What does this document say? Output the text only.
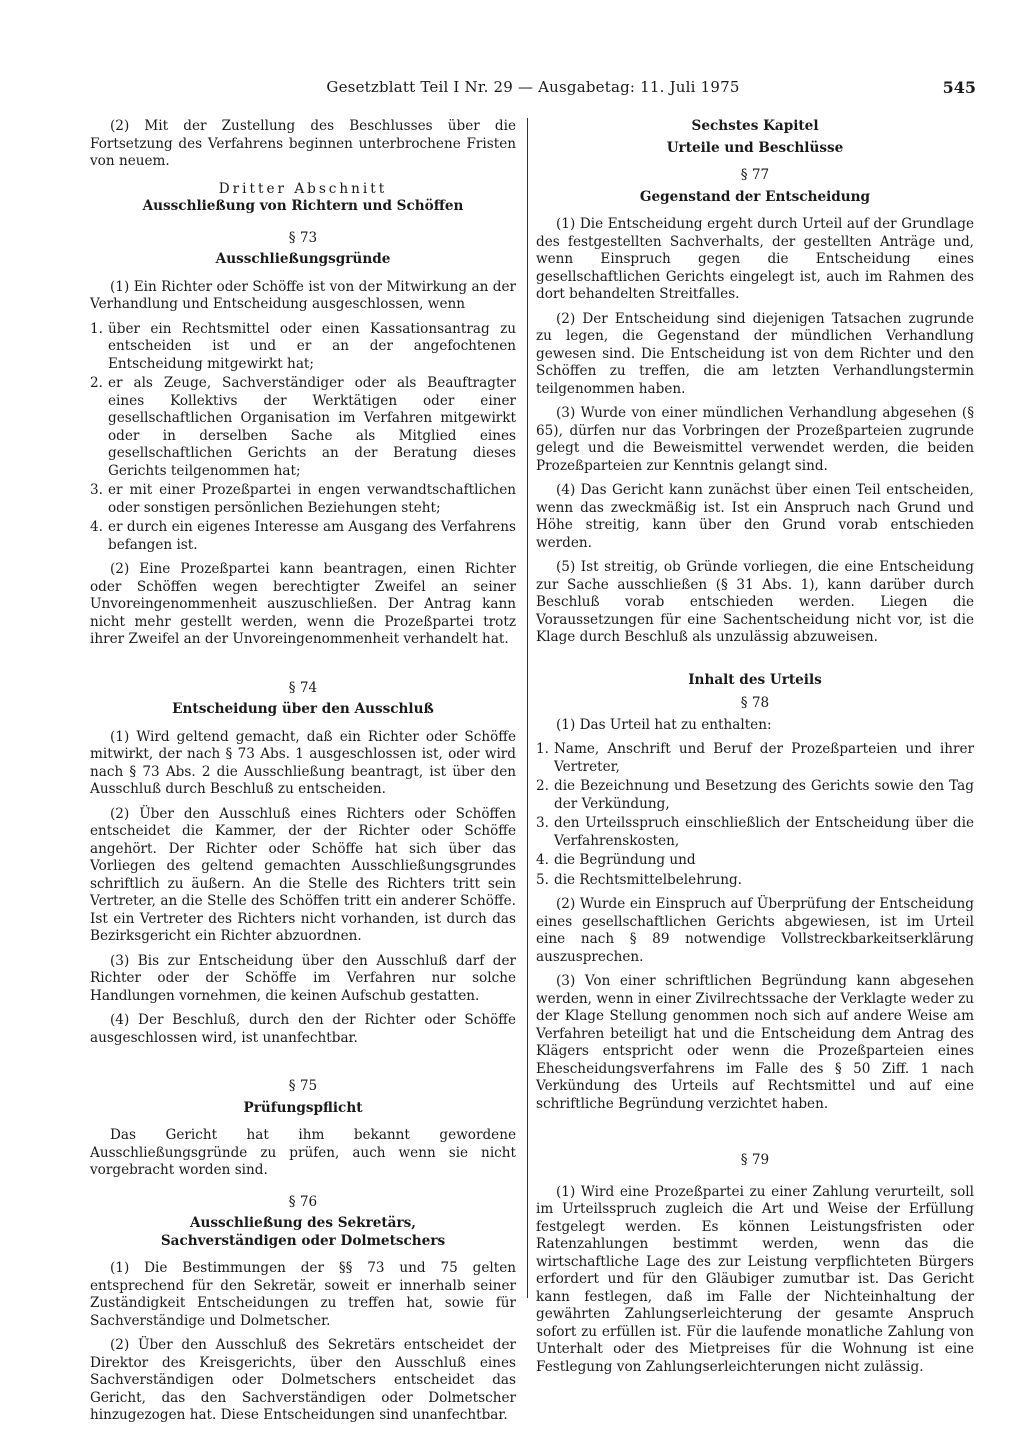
Gesetzblatt Teil I Nr. 29 — Ausgabetag: 11. Juli 1975	545

(2) Mit der Zustellung des Beschlusses über die Fortsetzung des Verfahrens beginnen unterbrochene Fristen von neuem.

Dritter Abschnitt

Ausschließung von Richtern und Schöffen

§ 73

Ausschließungsgründe

(1) Ein Richter oder Schöffe ist von der Mitwirkung an der Verhandlung und Entscheidung ausgeschlossen, wenn

1. über ein Rechtsmittel oder einen Kassationsantrag zu entscheiden ist und er an der angefochtenen Entscheidung mitgewirkt hat;
2. er als Zeuge, Sachverständiger oder als Beauftragter eines Kollektivs der Werktätigen oder einer gesellschaftlichen Organisation im Verfahren mitgewirkt oder in derselben Sache als Mitglied eines gesellschaftlichen Gerichts an der Beratung dieses Gerichts teilgenommen hat;
3. er mit einer Prozeßpartei in engen verwandtschaftlichen oder sonstigen persönlichen Beziehungen steht;
4. er durch ein eigenes Interesse am Ausgang des Verfahrens befangen ist.

(2) Eine Prozeßpartei kann beantragen, einen Richter oder Schöffen wegen berechtigter Zweifel an seiner Unvoreingenommenheit auszuschließen. Der Antrag kann nicht mehr gestellt werden, wenn die Prozeßpartei trotz ihrer Zweifel an der Unvoreingenommenheit verhandelt hat.

§ 74

Entscheidung über den Ausschluß

(1) Wird geltend gemacht, daß ein Richter oder Schöffe mitwirkt, der nach § 73 Abs. 1 ausgeschlossen ist, oder wird nach § 73 Abs. 2 die Ausschließung beantragt, ist über den Ausschluß durch Beschluß zu entscheiden.

(2) Über den Ausschluß eines Richters oder Schöffen entscheidet die Kammer, der der Richter oder Schöffe angehört. Der Richter oder Schöffe hat sich über das Vorliegen des geltend gemachten Ausschließungsgrundes schriftlich zu äußern. An die Stelle des Richters tritt sein Vertreter, an die Stelle des Schöffen tritt ein anderer Schöffe. Ist ein Vertreter des Richters nicht vorhanden, ist durch das Bezirksgericht ein Richter abzuordnen.

(3) Bis zur Entscheidung über den Ausschluß darf der Richter oder der Schöffe im Verfahren nur solche Handlungen vornehmen, die keinen Aufschub gestatten.

(4) Der Beschluß, durch den der Richter oder Schöffe ausgeschlossen wird, ist unanfechtbar.

§ 75

Prüfungspflicht

Das Gericht hat ihm bekannt gewordene Ausschließungsgründe zu prüfen, auch wenn sie nicht vorgebracht worden sind.

§ 76

Ausschließung des Sekretärs,

Sachverständigen oder Dolmetschers

(1) Die Bestimmungen der §§ 73 und 75 gelten entsprechend für den Sekretär, soweit er innerhalb seiner Zuständigkeit Entscheidungen zu treffen hat, sowie für Sachverständige und Dolmetscher.

(2) Über den Ausschluß des Sekretärs entscheidet der Direktor des Kreisgerichts, über den Ausschluß eines Sachverständigen oder Dolmetschers entscheidet das Gericht, das den Sachverständigen oder Dolmetscher hinzugezogen hat. Diese Entscheidungen sind unanfechtbar.

Sechstes Kapitel

Urteile und Beschlüsse

§ 77

Gegenstand der Entscheidung

(1) Die Entscheidung ergeht durch Urteil auf der Grundlage des festgestellten Sachverhalts, der gestellten Anträge und, wenn Einspruch gegen die Entscheidung eines gesellschaftlichen Gerichts eingelegt ist, auch im Rahmen des dort behandelten Streitfalles.

(2) Der Entscheidung sind diejenigen Tatsachen zugrunde zu legen, die Gegenstand der mündlichen Verhandlung gewesen sind. Die Entscheidung ist von dem Richter und den Schöffen zu treffen, die am letzten Verhandlungstermin teilgenommen haben.

(3) Wurde von einer mündlichen Verhandlung abgesehen (§ 65), dürfen nur das Vorbringen der Prozeßparteien zugrunde gelegt und die Beweismittel verwendet werden, die beiden Prozeßparteien zur Kenntnis gelangt sind.

(4) Das Gericht kann zunächst über einen Teil entscheiden, wenn das zweckmäßig ist. Ist ein Anspruch nach Grund und Höhe streitig, kann über den Grund vorab entschieden werden.

(5) Ist streitig, ob Gründe vorliegen, die eine Entscheidung zur Sache ausschließen (§ 31 Abs. 1), kann darüber durch Beschluß vorab entschieden werden. Liegen die Voraussetzungen für eine Sachentscheidung nicht vor, ist die Klage durch Beschluß als unzulässig abzuweisen.

Inhalt des Urteils

§ 78

(1) Das Urteil hat zu enthalten:

1. Name, Anschrift und Beruf der Prozeßparteien und ihrer Vertreter,
2. die Bezeichnung und Besetzung des Gerichts sowie den Tag der Verkündung,
3. den Urteilsspruch einschließlich der Entscheidung über die Verfahrenskosten,
4. die Begründung und
5. die Rechtsmittelbelehrung.

(2) Wurde ein Einspruch auf Überprüfung der Entscheidung eines gesellschaftlichen Gerichts abgewiesen, ist im Urteil eine nach § 89 notwendige Vollstreckbarkeitserklärung auszusprechen.

(3) Von einer schriftlichen Begründung kann abgesehen werden, wenn in einer Zivilrechtssache der Verklagte weder zu der Klage Stellung genommen noch sich auf andere Weise am Verfahren beteiligt hat und die Entscheidung dem Antrag des Klägers entspricht oder wenn die Prozeßparteien eines Ehescheidungsverfahrens im Falle des § 50 Ziff. 1 nach Verkündung des Urteils auf Rechtsmittel und auf eine schriftliche Begründung verzichtet haben.

§ 79

(1) Wird eine Prozeßpartei zu einer Zahlung verurteilt, soll im Urteilsspruch zugleich die Art und Weise der Erfüllung festgelegt werden. Es können Leistungsfristen oder Ratenzahlungen bestimmt werden, wenn das die wirtschaftliche Lage des zur Leistung verpflichteten Bürgers erfordert und für den Gläubiger zumutbar ist. Das Gericht kann festlegen, daß im Falle der Nichteinhaltung der gewährten Zahlungserleichterung der gesamte Anspruch sofort zu erfüllen ist. Für die laufende monatliche Zahlung von Unterhalt oder des Mietpreises für die Wohnung ist eine Festlegung von Zahlungserleichterungen nicht zulässig.
